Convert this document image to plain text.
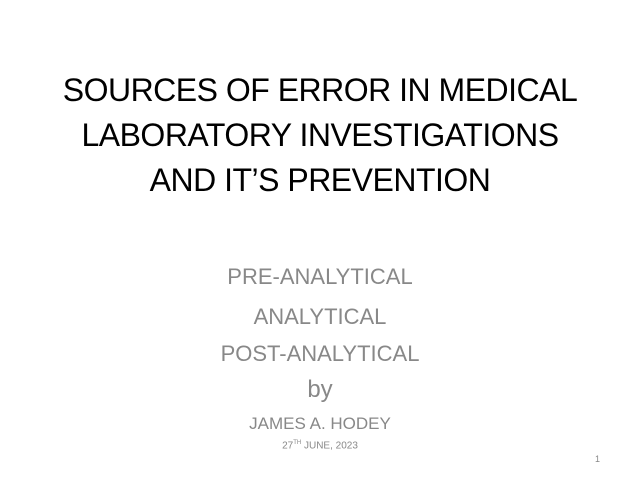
SOURCES OF ERROR IN MEDICAL
LABORATORY INVESTIGATIONS
AND IT’S PREVENTION
PRE-ANALYTICAL
ANALYTICAL
POST-ANALYTICAL
by
JAMES A. HODEY
27TH JUNE, 2023
1
